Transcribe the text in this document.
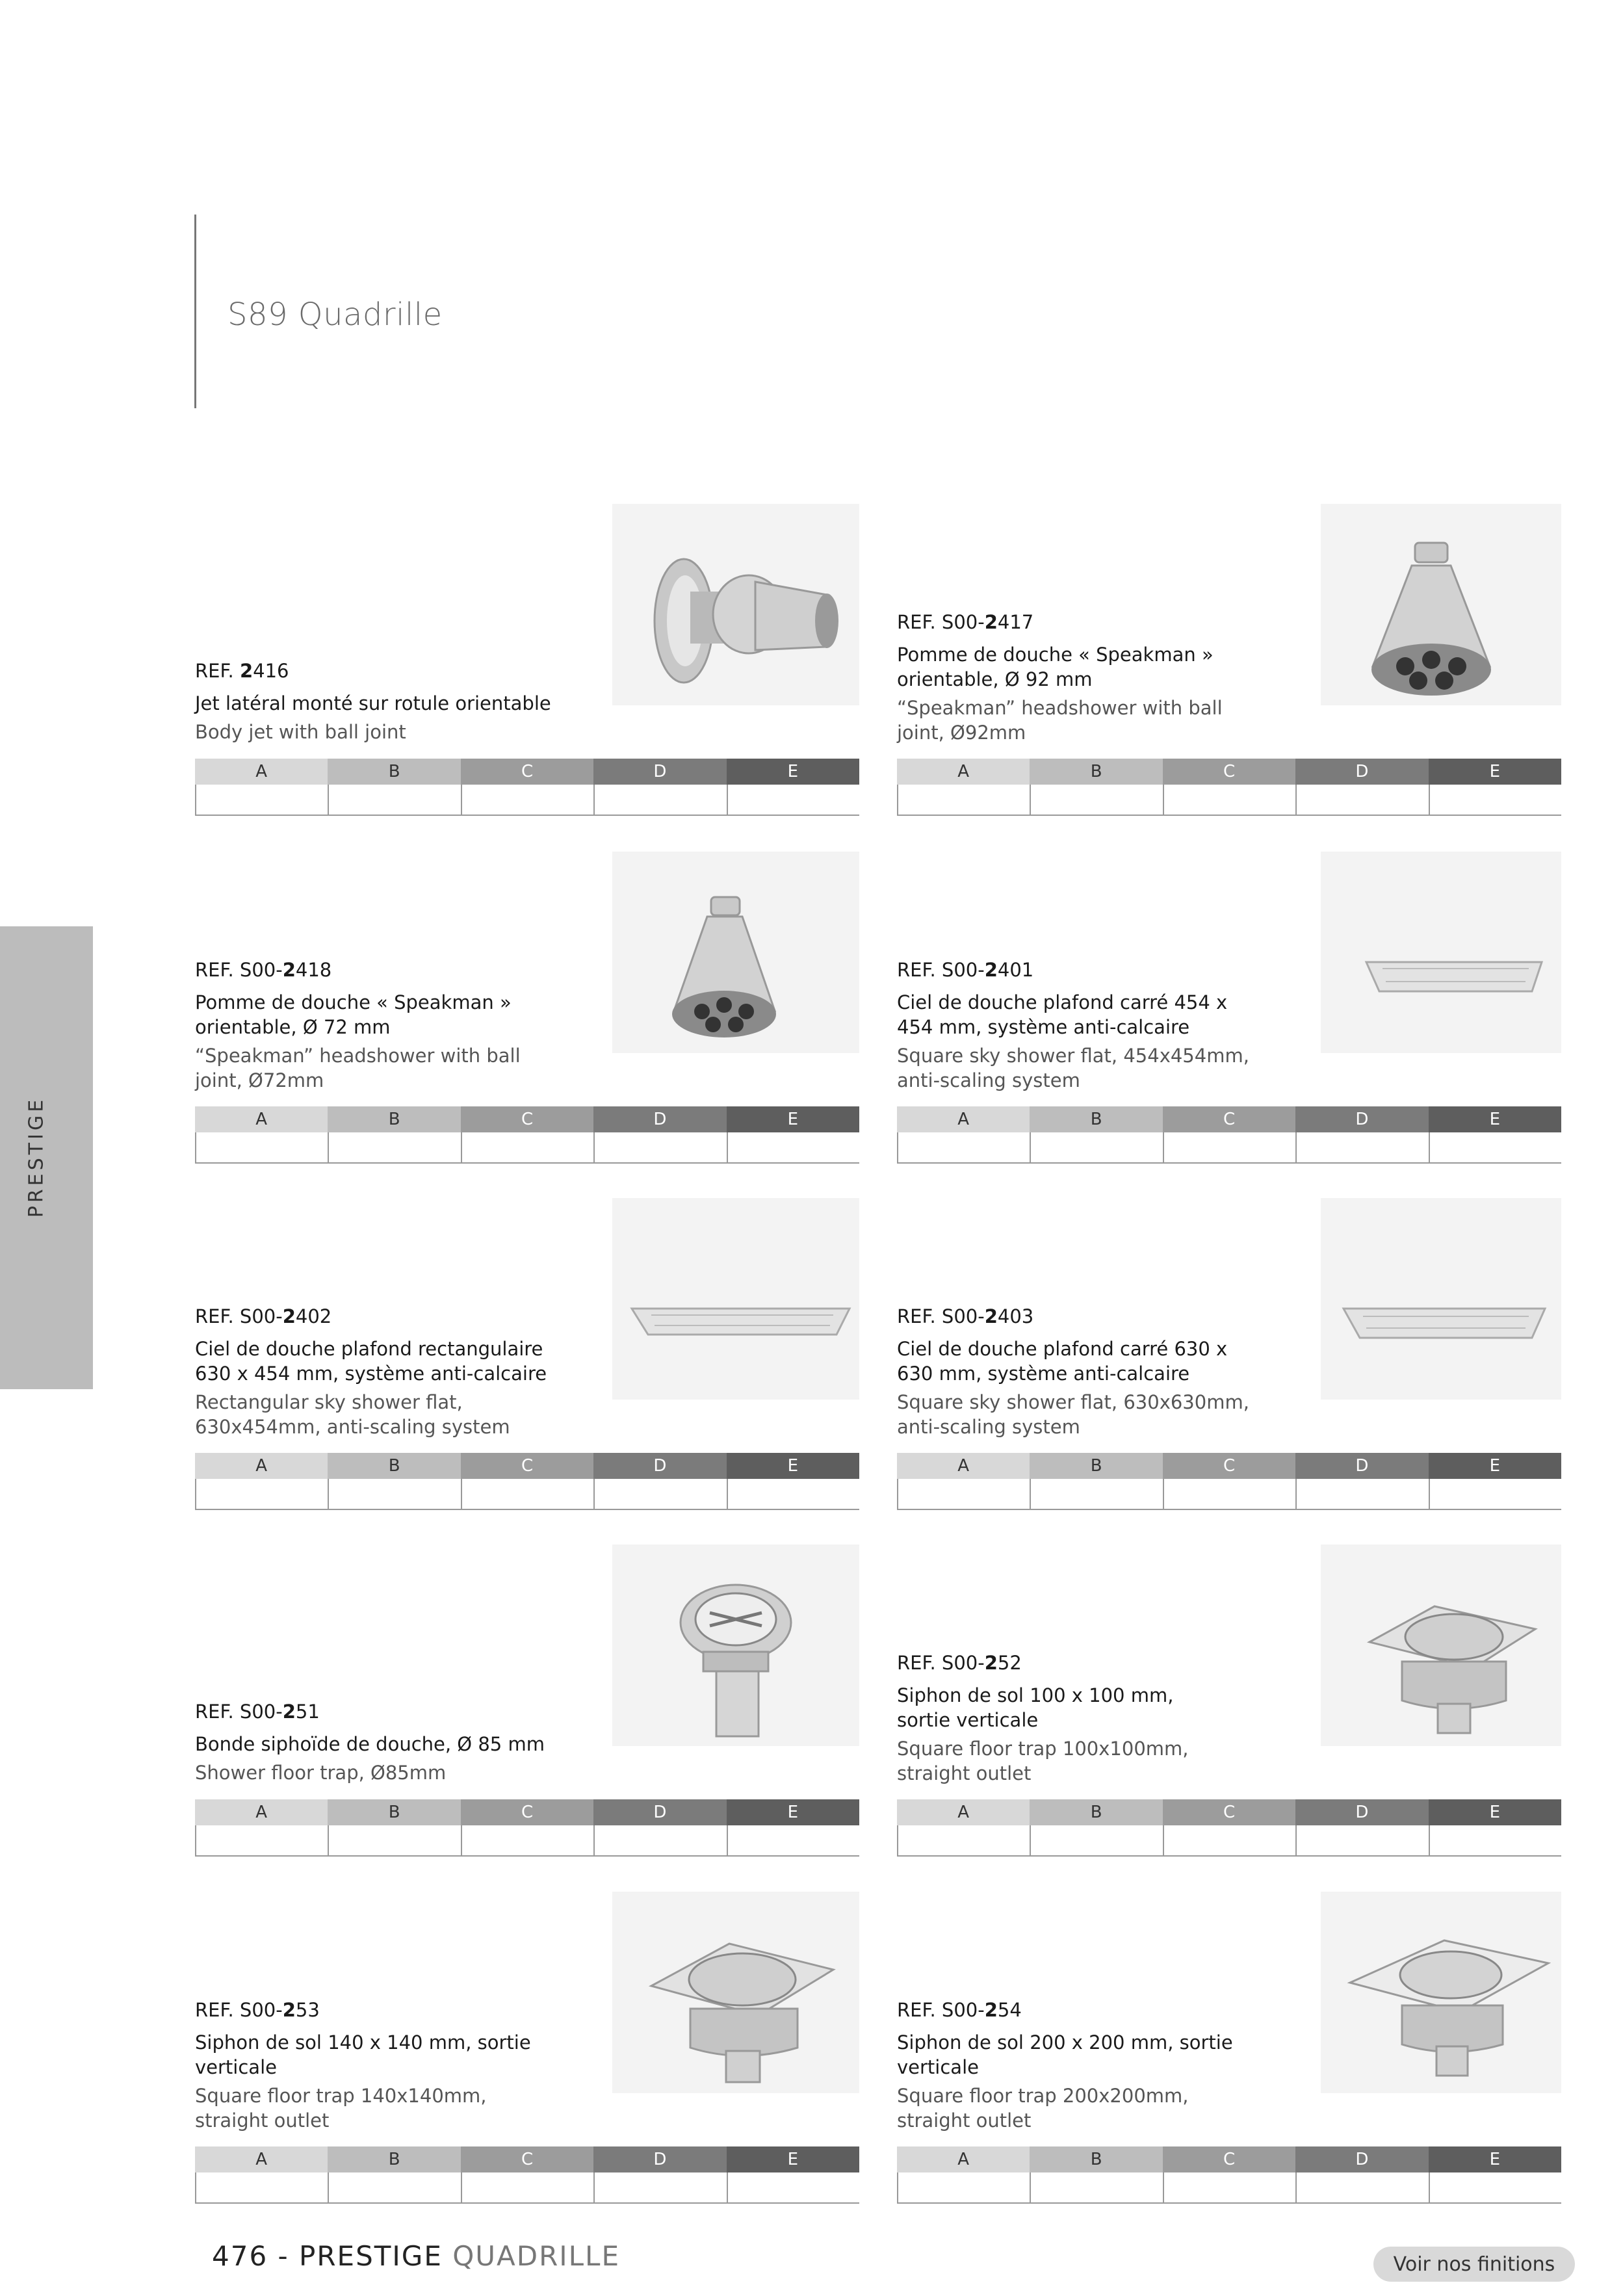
S89 Quadrille
PRESTIGE

REF. 2416

Jet latéral monté sur rotule orientable

Body jet with ball joint

A	B	C	D	E

REF. S00-2417

Pomme de douche « Speakman » orientable, Ø 92 mm

“Speakman” headshower with ball joint, Ø92mm

A	B	C	D	E

REF. S00-2418

Pomme de douche « Speakman » orientable, Ø 72 mm

“Speakman” headshower with ball joint, Ø72mm

A	B	C	D	E

REF. S00-2401

Ciel de douche plafond carré 454 x 454 mm, système anti-calcaire

Square sky shower flat, 454x454mm, anti-scaling system

A	B	C	D	E

REF. S00-2402

Ciel de douche plafond rectangulaire 630 x 454 mm, système anti-calcaire

Rectangular sky shower flat, 630x454mm, anti-scaling system

A	B	C	D	E

REF. S00-2403

Ciel de douche plafond carré 630 x 630 mm, système anti-calcaire

Square sky shower flat, 630x630mm, anti-scaling system

A	B	C	D	E

REF. S00-251

Bonde siphoïde de douche, Ø 85 mm

Shower floor trap, Ø85mm

A	B	C	D	E

REF. S00-252

Siphon de sol 100 x 100 mm, sortie verticale

Square floor trap 100x100mm, straight outlet

A	B	C	D	E

REF. S00-253

Siphon de sol 140 x 140 mm, sortie verticale

Square floor trap 140x140mm, straight outlet

A	B	C	D	E

REF. S00-254

Siphon de sol 200 x 200 mm, sortie verticale

Square floor trap 200x200mm, straight outlet

A	B	C	D	E
476 - PRESTIGE QUADRILLE	Voir nos finitions
